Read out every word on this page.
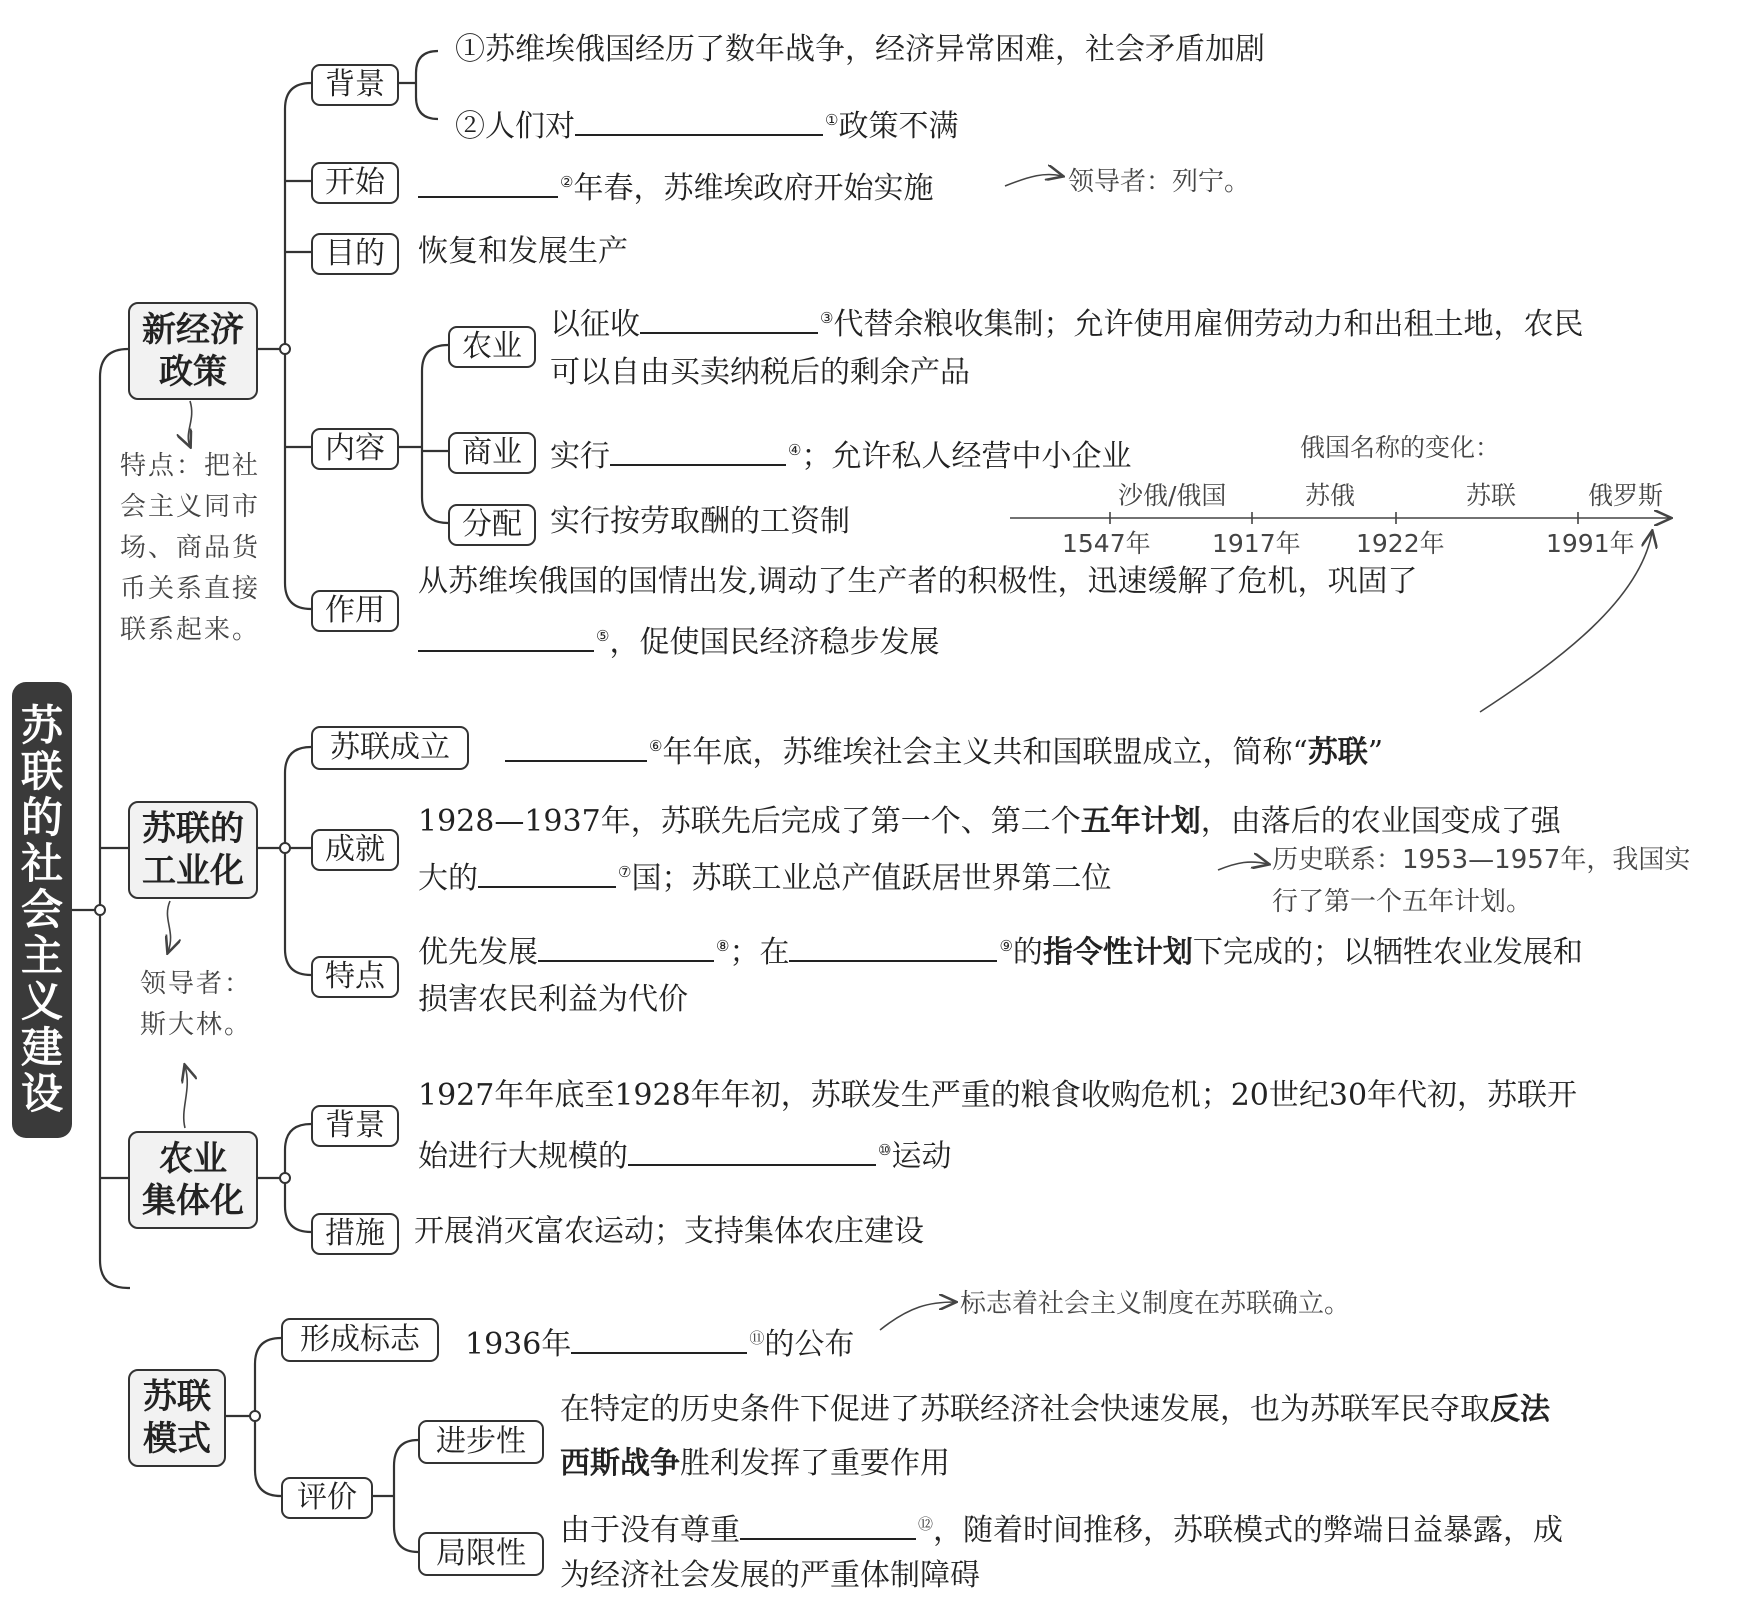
苏
联
的
社
会
主
义
建
设
新经济
政策
背景
①苏维埃俄国经历了数年战争，经济异常困难，社会矛盾加剧
②人们对	①政策不满
开始	②年春，苏维埃政府开始实施	领导者：列宁。
目的 恢复和发展生产
内容
农业
以征收	③代替余粮收集制；允许使用雇佣劳动力和出租土地，农民
可以自由买卖纳税后的剩余产品
商业 实行	④；允许私人经营中小企业
分配 实行按劳取酬的工资制
作用
从苏维埃俄国的国情出发,调动了生产者的积极性，迅速缓解了危机，巩固了
⑤，促使国民经济稳步发展
特点：把社
会主义同市
场、商品货
币关系直接
联系起来。
俄国名称的变化：
沙俄/俄国	苏俄	苏联	俄罗斯
1547年 1917年 1922年	1991年
苏联的
工业化
苏联成立	⑥年年底，苏维埃社会主义共和国联盟成立，简称“苏联”
成就
1928—1937年，苏联先后完成了第一个、第二个五年计划，由落后的农业国变成了强
大的	⑦国；苏联工业总产值跃居世界第二位
历史联系：1953—1957年，我国实
行了第一个五年计划。
特点
优先发展	⑧；在	⑨的指令性计划下完成的；以牺牲农业发展和
损害农民利益为代价
领导者：
斯大林。
农业
集体化
背景
1927年年底至1928年年初，苏联发生严重的粮食收购危机；20世纪30年代初，苏联开
始进行大规模的	⑩运动
措施 开展消灭富农运动；支持集体农庄建设
苏联
模式
形成标志 1936年	⑪的公布
标志着社会主义制度在苏联确立。
评价
进步性
在特定的历史条件下促进了苏联经济社会快速发展，也为苏联军民夺取反法
西斯战争胜利发挥了重要作用
局限性
由于没有尊重	⑫，随着时间推移，苏联模式的弊端日益暴露，成
为经济社会发展的严重体制障碍
